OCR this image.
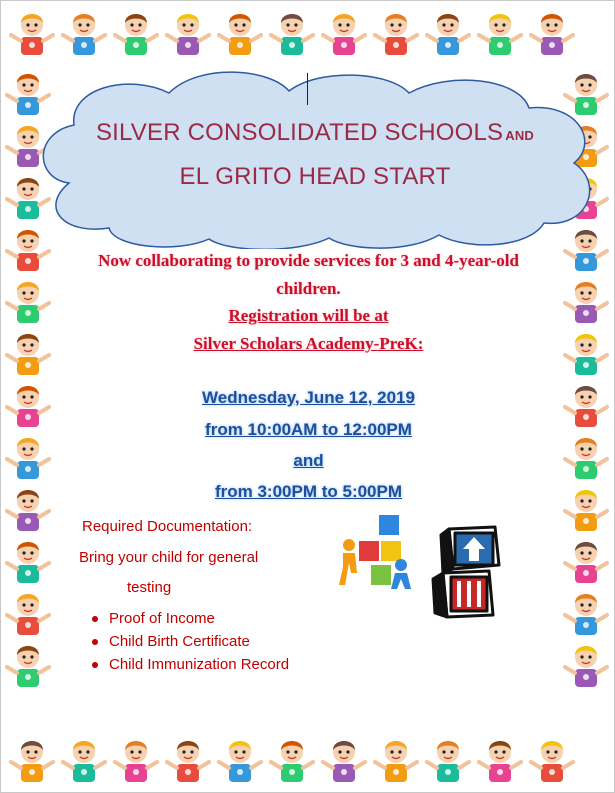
SILVER CONSOLIDATED SCHOOLS AND
EL GRITO HEAD START
Now collaborating to provide services for 3 and 4-year-old
children.
Registration will be at
Silver Scholars Academy-PreK:
Wednesday, June 12, 2019
from 10:00AM to 12:00PM
and
from 3:00PM to 5:00PM
Required Documentation:
Bring your child for general
testing
Proof of Income
Child Birth Certificate
Child Immunization Record
